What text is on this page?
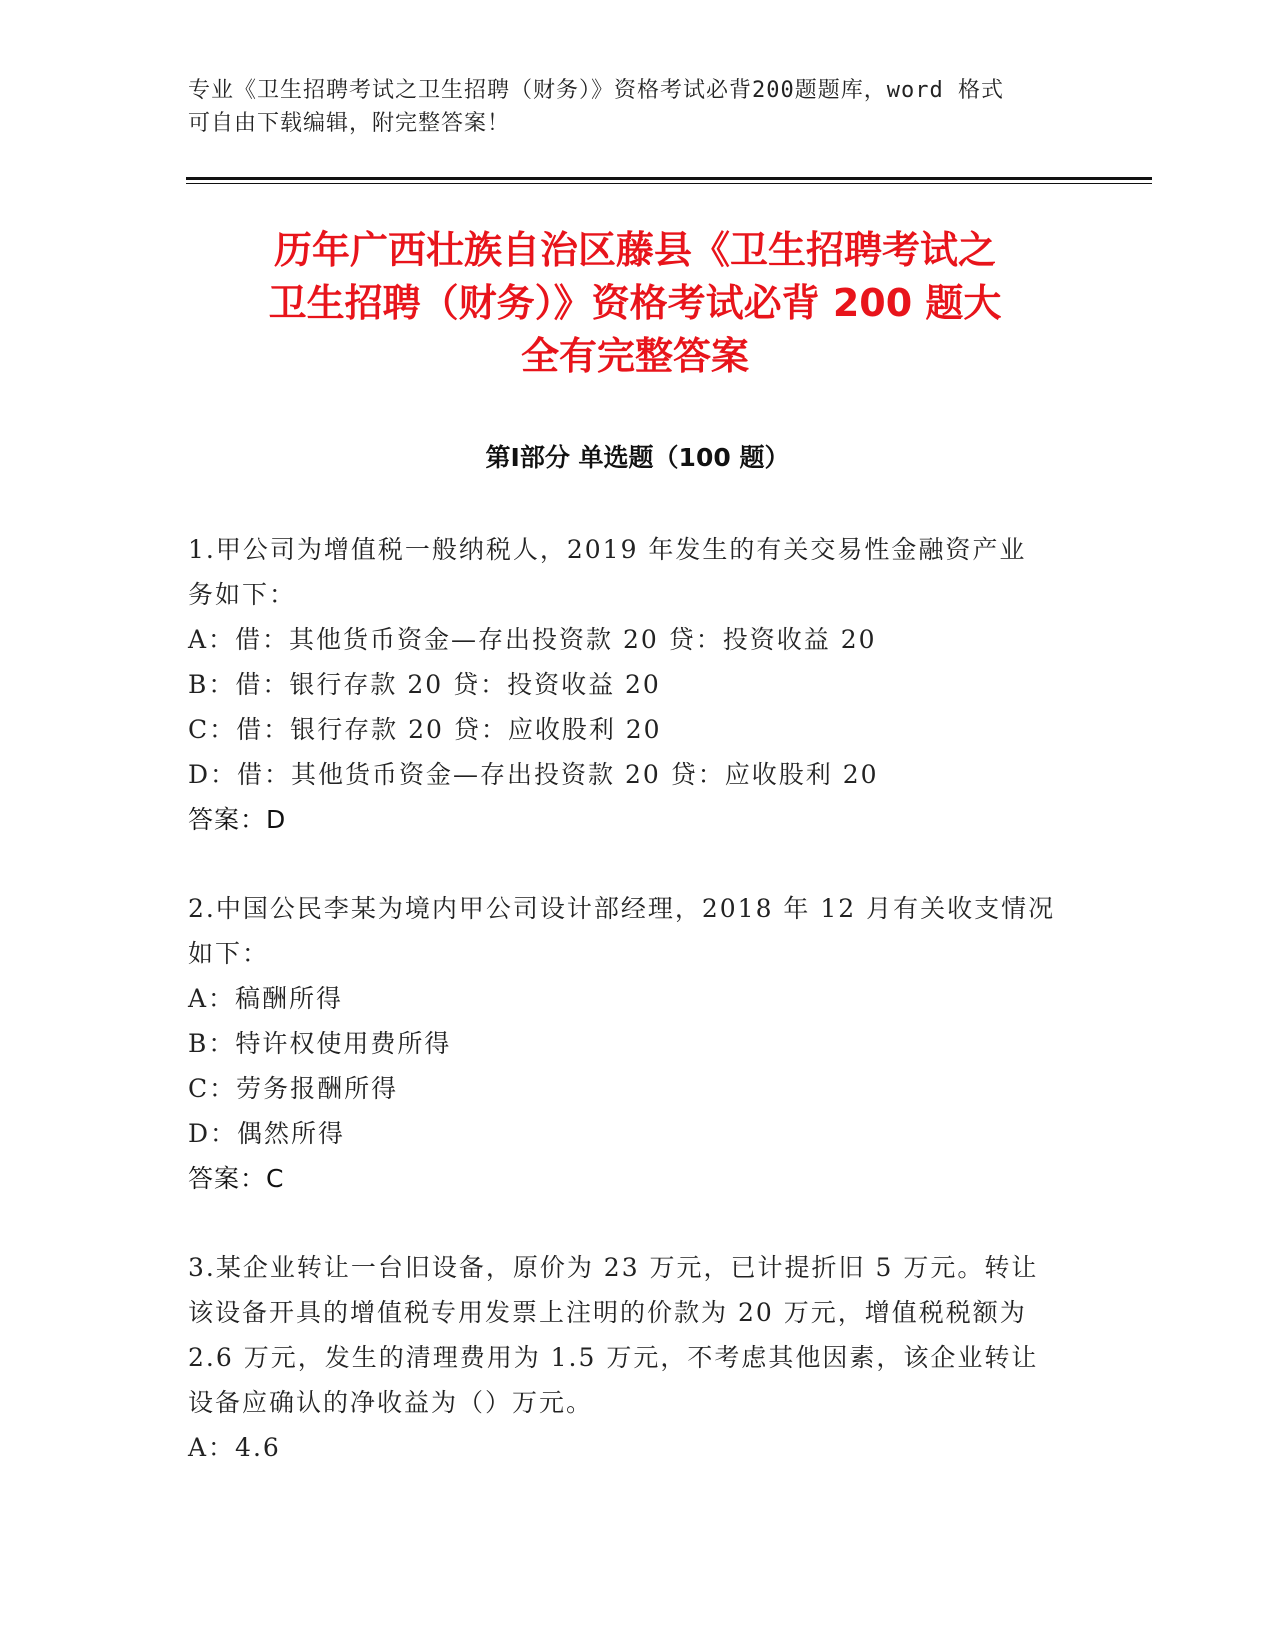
专业《卫生招聘考试之卫生招聘（财务）》资格考试必背200题题库，word 格式
可自由下载编辑，附完整答案！
历年广西壮族自治区藤县《卫生招聘考试之
卫生招聘（财务）》资格考试必背 200 题大
全有完整答案
第Ⅰ部分 单选题（100 题）
1.甲公司为增值税一般纳税人，2019 年发生的有关交易性金融资产业
务如下：
A：借：其他货币资金—存出投资款 20 贷：投资收益 20
B：借：银行存款 20 贷：投资收益 20
C：借：银行存款 20 贷：应收股利 20
D：借：其他货币资金—存出投资款 20 贷：应收股利 20
答案：D
2.中国公民李某为境内甲公司设计部经理，2018 年 12 月有关收支情况
如下：
A：稿酬所得
B：特许权使用费所得
C：劳务报酬所得
D：偶然所得
答案：C
3.某企业转让一台旧设备，原价为 23 万元，已计提折旧 5 万元。转让
该设备开具的增值税专用发票上注明的价款为 20 万元，增值税税额为
2.6 万元，发生的清理费用为 1.5 万元，不考虑其他因素，该企业转让
设备应确认的净收益为（）万元。
A：4.6
